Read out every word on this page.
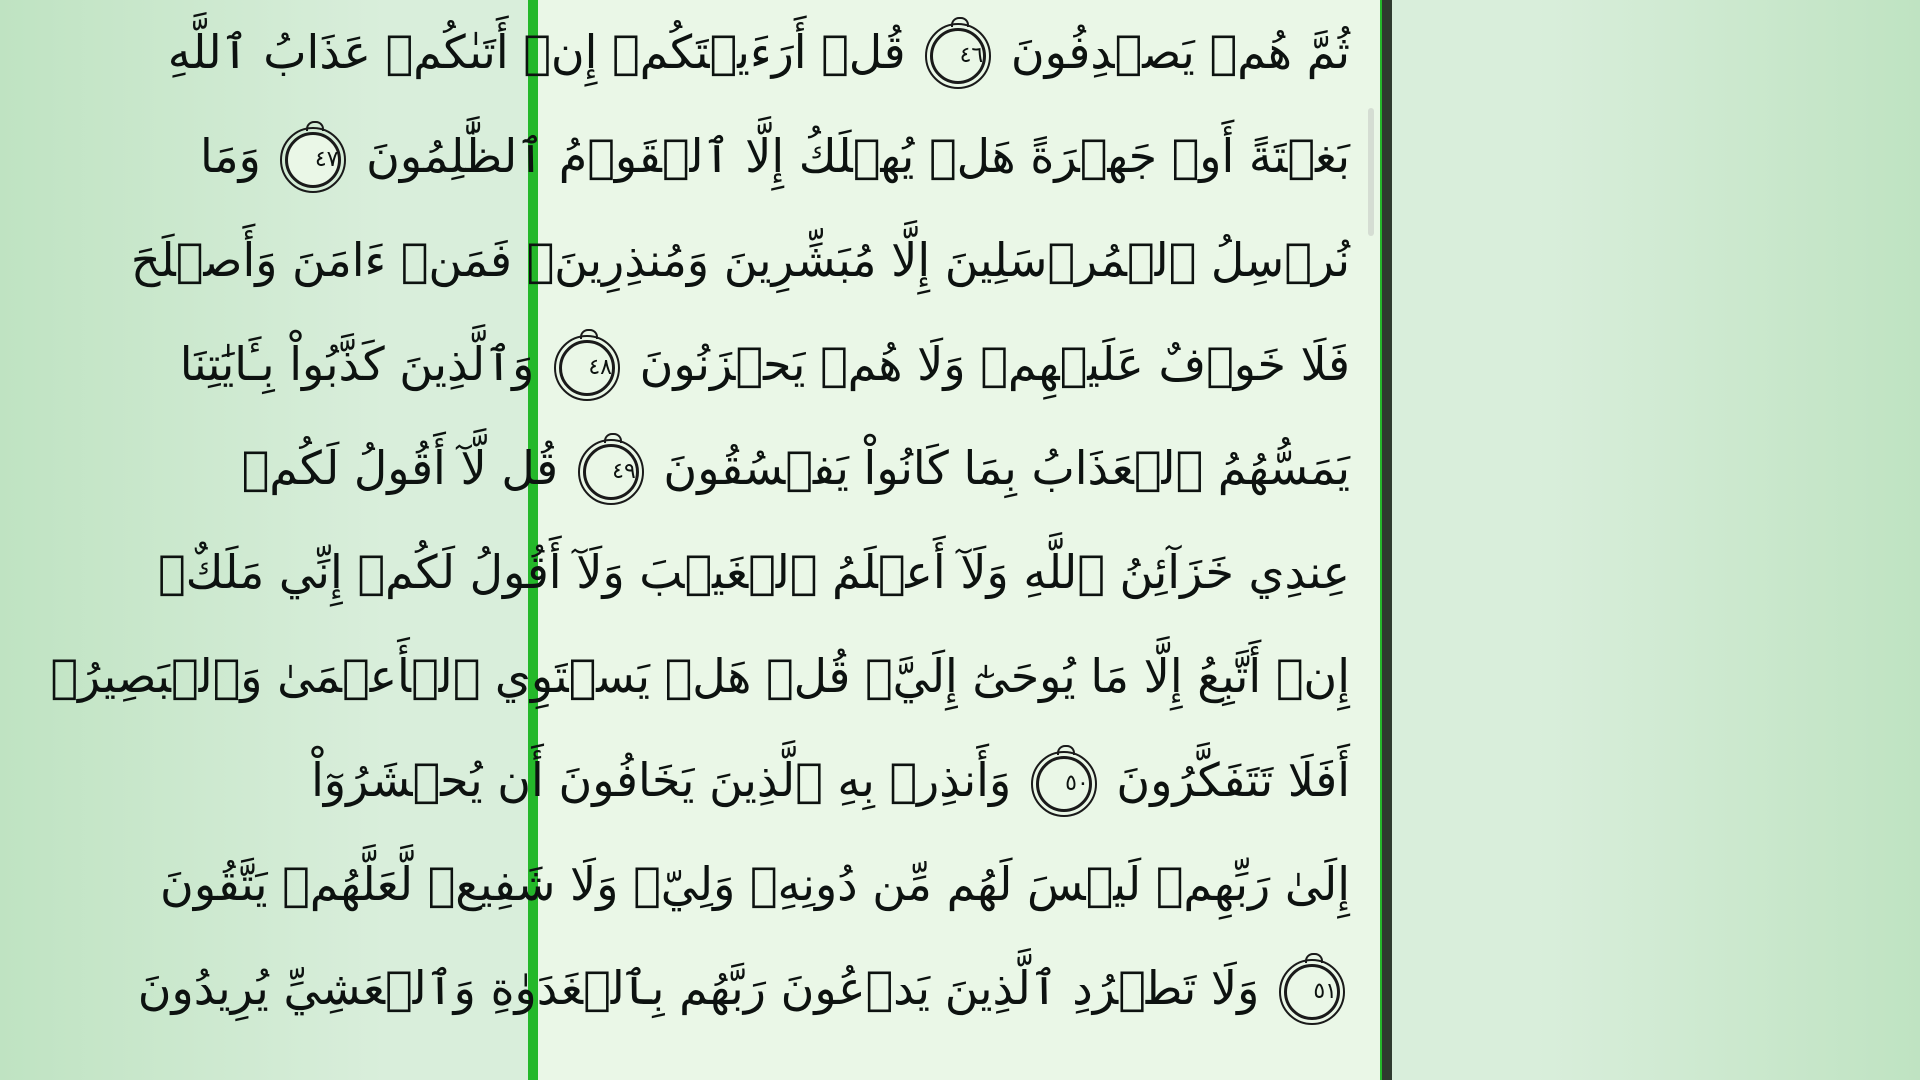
ثُمَّ هُمۡ يَصۡدِفُونَ ٤٦ قُلۡ أَرَءَيۡتَكُمۡ إِنۡ أَتَىٰكُمۡ عَذَابُ ٱللَّهِ
بَغۡتَةً أَوۡ جَهۡرَةً هَلۡ يُهۡلَكُ إِلَّا ٱلۡقَوۡمُ ٱلظَّٰلِمُونَ ٤٧ وَمَا
نُرۡسِلُ ٱلۡمُرۡسَلِينَ إِلَّا مُبَشِّرِينَ وَمُنذِرِينَۖ فَمَنۡ ءَامَنَ وَأَصۡلَحَ
فَلَا خَوۡفٌ عَلَيۡهِمۡ وَلَا هُمۡ يَحۡزَنُونَ ٤٨ وَٱلَّذِينَ كَذَّبُواْ بِـَٔايَٰتِنَا
يَمَسُّهُمُ ٱلۡعَذَابُ بِمَا كَانُواْ يَفۡسُقُونَ ٤٩ قُل لَّآ أَقُولُ لَكُمۡ
عِندِي خَزَآئِنُ ٱللَّهِ وَلَآ أَعۡلَمُ ٱلۡغَيۡبَ وَلَآ أَقُولُ لَكُمۡ إِنِّي مَلَكٌۖ
إِنۡ أَتَّبِعُ إِلَّا مَا يُوحَىٰٓ إِلَيَّۚ قُلۡ هَلۡ يَسۡتَوِي ٱلۡأَعۡمَىٰ وَٱلۡبَصِيرُۚ
أَفَلَا تَتَفَكَّرُونَ ٥٠ وَأَنذِرۡ بِهِ ٱلَّذِينَ يَخَافُونَ أَن يُحۡشَرُوٓاْ
إِلَىٰ رَبِّهِمۡ لَيۡسَ لَهُم مِّن دُونِهِۦ وَلِيّٞ وَلَا شَفِيعٞ لَّعَلَّهُمۡ يَتَّقُونَ
٥١ وَلَا تَطۡرُدِ ٱلَّذِينَ يَدۡعُونَ رَبَّهُم بِٱلۡغَدَوٰةِ وَٱلۡعَشِيِّ يُرِيدُونَ
